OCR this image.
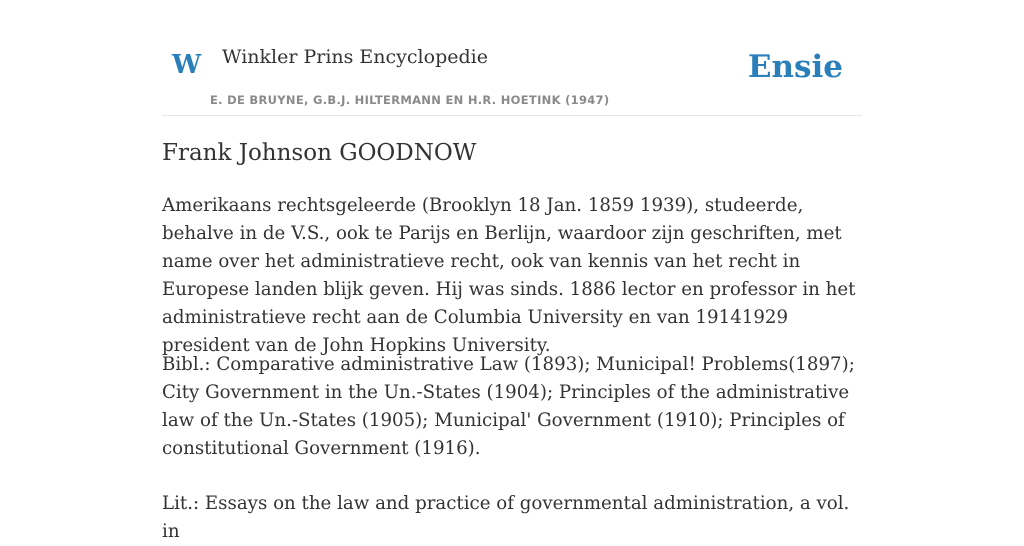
W Winkler Prins Encyclopedie
E. DE BRUYNE, G.B.J. HILTERMANN EN H.R. HOETINK (1947)
Ensie
Frank Johnson GOODNOW

Amerikaans rechtsgeleerde (Brooklyn 18 Jan. 1859 1939), studeerde, behalve in de V.S., ook te Parijs en Berlijn, waardoor zijn geschriften, met name over het administratieve recht, ook van kennis van het recht in Europese landen blijk geven. Hij was sinds. 1886 lector en professor in het administratieve recht aan de Columbia University en van 19141929 president van de John Hopkins University.

Bibl.: Comparative administrative Law (1893); Municipal! Problems(1897); City Government in the Un.-States (1904); Principles of the administrative law of the Un.-States (1905); Municipal' Government (1910); Principles of constitutional Government (1916).

Lit.: Essays on the law and practice of governmental administration, a vol. in
